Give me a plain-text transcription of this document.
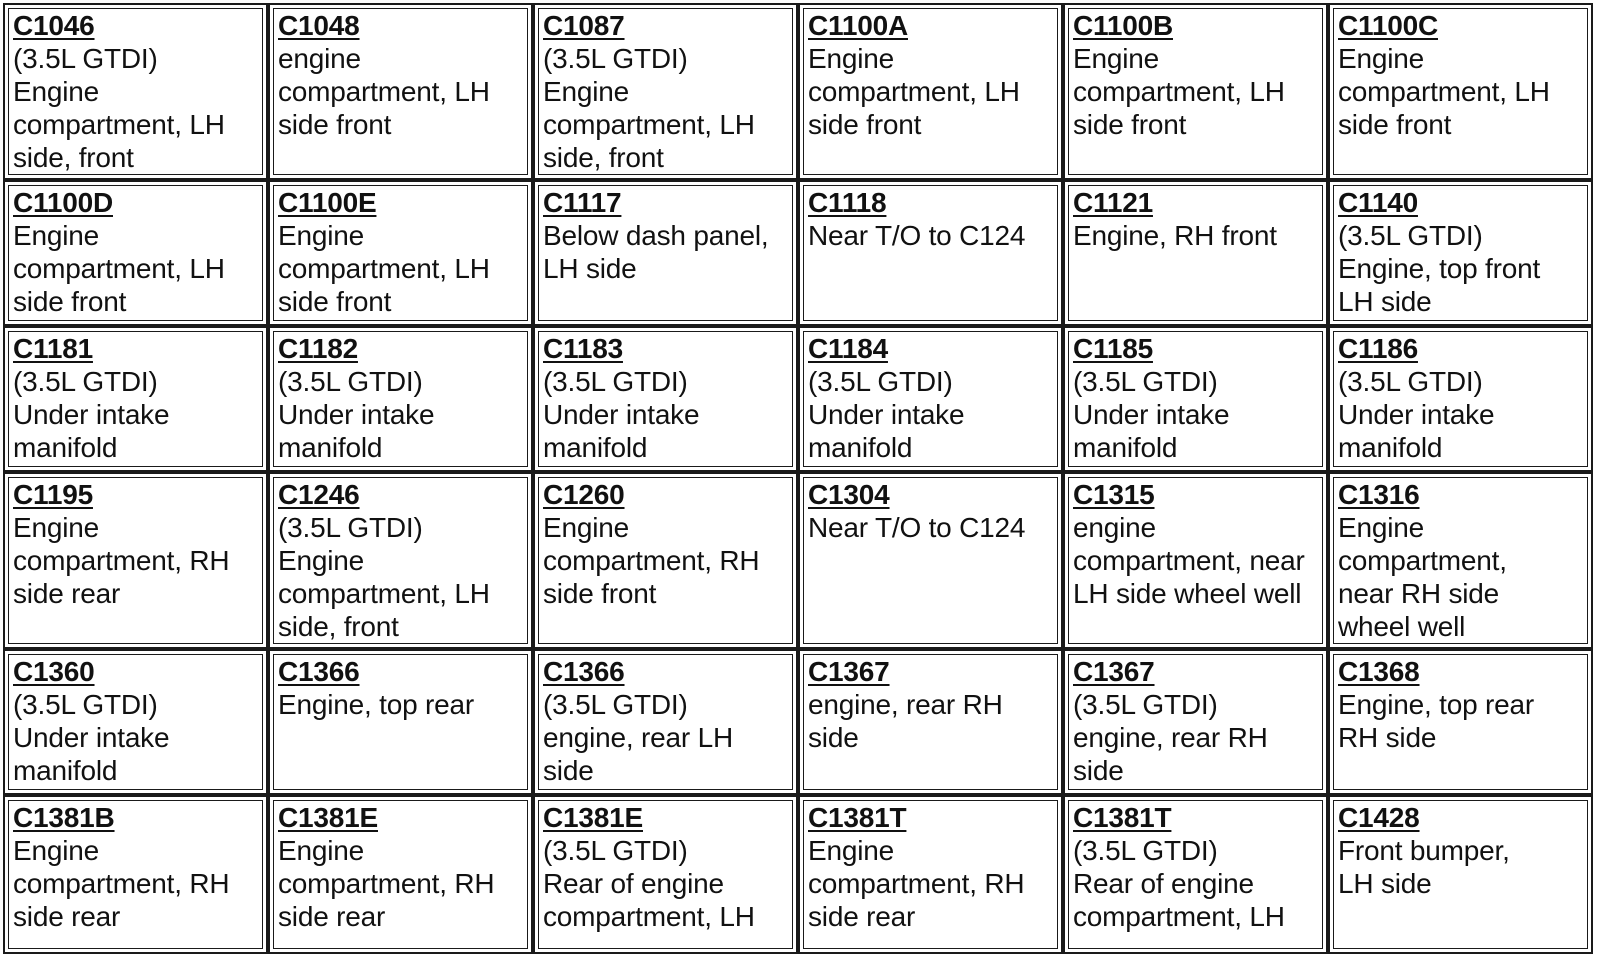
C1046
(3.5L GTDI)
Engine
compartment, LH
side, front
C1048
engine
compartment, LH
side front
C1087
(3.5L GTDI)
Engine
compartment, LH
side, front
C1100A
Engine
compartment, LH
side front
C1100B
Engine
compartment, LH
side front
C1100C
Engine
compartment, LH
side front
C1100D
Engine
compartment, LH
side front
C1100E
Engine
compartment, LH
side front
C1117
Below dash panel,
LH side
C1118
Near T/O to C124
C1121
Engine, RH front
C1140
(3.5L GTDI)
Engine, top front
LH side
C1181
(3.5L GTDI)
Under intake
manifold
C1182
(3.5L GTDI)
Under intake
manifold
C1183
(3.5L GTDI)
Under intake
manifold
C1184
(3.5L GTDI)
Under intake
manifold
C1185
(3.5L GTDI)
Under intake
manifold
C1186
(3.5L GTDI)
Under intake
manifold
C1195
Engine
compartment, RH
side rear
C1246
(3.5L GTDI)
Engine
compartment, LH
side, front
C1260
Engine
compartment, RH
side front
C1304
Near T/O to C124
C1315
engine
compartment, near
LH side wheel well
C1316
Engine
compartment,
near RH side
wheel well
C1360
(3.5L GTDI)
Under intake
manifold
C1366
Engine, top rear
C1366
(3.5L GTDI)
engine, rear LH
side
C1367
engine, rear RH
side
C1367
(3.5L GTDI)
engine, rear RH
side
C1368
Engine, top rear
RH side
C1381B
Engine
compartment, RH
side rear
C1381E
Engine
compartment, RH
side rear
C1381E
(3.5L GTDI)
Rear of engine
compartment, LH
C1381T
Engine
compartment, RH
side rear
C1381T
(3.5L GTDI)
Rear of engine
compartment, LH
C1428
Front bumper,
LH side
